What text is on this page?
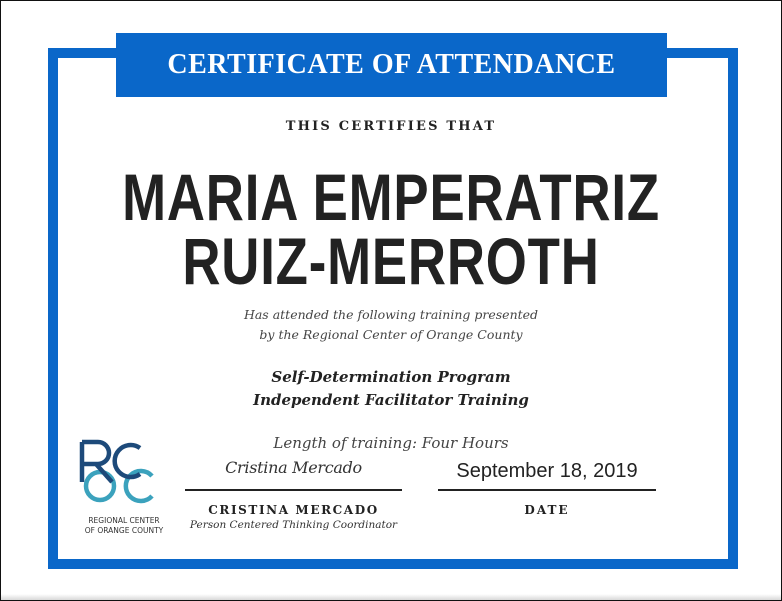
CERTIFICATE OF ATTENDANCE
THIS CERTIFIES THAT
MARIA EMPERATRIZ
RUIZ-MERROTH
Has attended the following training presented
by the Regional Center of Orange County
Self-Determination Program
Independent Facilitator Training
Length of training: Four Hours
REGIONAL CENTER
OF ORANGE COUNTY
Cristina Mercado
CRISTINA MERCADO
Person Centered Thinking Coordinator
September 18, 2019
DATE
